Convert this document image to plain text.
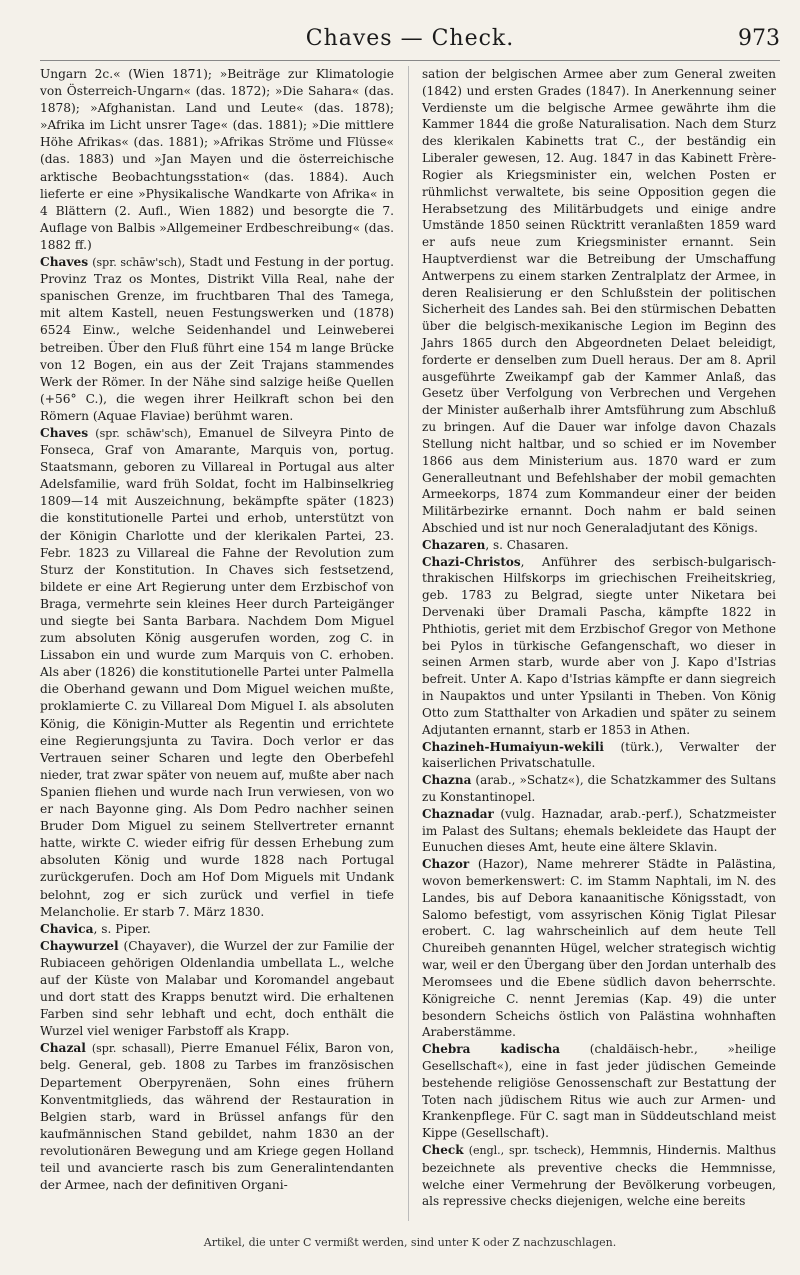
Chaves — Check.	973

Ungarn 2c.« (Wien 1871); »Beiträge zur Klimatologie von Österreich-Ungarn« (das. 1872); »Die Sahara« (das. 1878); »Afghanistan. Land und Leute« (das. 1878); »Afrika im Licht unsrer Tage« (das. 1881); »Die mittlere Höhe Afrikas« (das. 1881); »Afrikas Ströme und Flüsse« (das. 1883) und »Jan Mayen und die österreichische arktische Beobachtungsstation« (das. 1884). Auch lieferte er eine »Physikalische Wandkarte von Afrika« in 4 Blättern (2. Aufl., Wien 1882) und besorgte die 7. Auflage von Balbis »Allgemeiner Erdbeschreibung« (das. 1882 ff.)

Chaves (spr. schāw'sch), Stadt und Festung in der portug. Provinz Traz os Montes, Distrikt Villa Real, nahe der spanischen Grenze, im fruchtbaren Thal des Tamega, mit altem Kastell, neuen Festungswerken und (1878) 6524 Einw., welche Seidenhandel und Leinweberei betreiben. Über den Fluß führt eine 154 m lange Brücke von 12 Bogen, ein aus der Zeit Trajans stammendes Werk der Römer. In der Nähe sind salzige heiße Quellen (+56° C.), die wegen ihrer Heilkraft schon bei den Römern (Aquae Flaviae) berühmt waren.

Chaves (spr. schāw'sch), Emanuel de Silveyra Pinto de Fonseca, Graf von Amarante, Marquis von, portug. Staatsmann, geboren zu Villareal in Portugal aus alter Adelsfamilie, ward früh Soldat, focht im Halbinselkrieg 1809—14 mit Auszeichnung, bekämpfte später (1823) die konstitutionelle Partei und erhob, unterstützt von der Königin Charlotte und der klerikalen Partei, 23. Febr. 1823 zu Villareal die Fahne der Revolution zum Sturz der Konstitution. In Chaves sich festsetzend, bildete er eine Art Regierung unter dem Erzbischof von Braga, vermehrte sein kleines Heer durch Parteigänger und siegte bei Santa Barbara. Nachdem Dom Miguel zum absoluten König ausgerufen worden, zog C. in Lissabon ein und wurde zum Marquis von C. erhoben. Als aber (1826) die konstitutionelle Partei unter Palmella die Oberhand gewann und Dom Miguel weichen mußte, proklamierte C. zu Villareal Dom Miguel I. als absoluten König, die Königin-Mutter als Regentin und errichtete eine Regierungsjunta zu Tavira. Doch verlor er das Vertrauen seiner Scharen und legte den Oberbefehl nieder, trat zwar später von neuem auf, mußte aber nach Spanien fliehen und wurde nach Irun verwiesen, von wo er nach Bayonne ging. Als Dom Pedro nachher seinen Bruder Dom Miguel zu seinem Stellvertreter ernannt hatte, wirkte C. wieder eifrig für dessen Erhebung zum absoluten König und wurde 1828 nach Portugal zurückgerufen. Doch am Hof Dom Miguels mit Undank belohnt, zog er sich zurück und verfiel in tiefe Melancholie. Er starb 7. März 1830.

Chavica, s. Piper.

Chaywurzel (Chayaver), die Wurzel der zur Familie der Rubiaceen gehörigen Oldenlandia umbellata L., welche auf der Küste von Malabar und Koromandel angebaut und dort statt des Krapps benutzt wird. Die erhaltenen Farben sind sehr lebhaft und echt, doch enthält die Wurzel viel weniger Farbstoff als Krapp.

Chazal (spr. schasall), Pierre Emanuel Félix, Baron von, belg. General, geb. 1808 zu Tarbes im französischen Departement Oberpyrenäen, Sohn eines frühern Konventmitglieds, das während der Restauration in Belgien starb, ward in Brüssel anfangs für den kaufmännischen Stand gebildet, nahm 1830 an der revolutionären Bewegung und am Kriege gegen Holland teil und avancierte rasch bis zum Generalintendanten der Armee, nach der definitiven Organi-

sation der belgischen Armee aber zum General zweiten (1842) und ersten Grades (1847). In Anerkennung seiner Verdienste um die belgische Armee gewährte ihm die Kammer 1844 die große Naturalisation. Nach dem Sturz des klerikalen Kabinetts trat C., der beständig ein Liberaler gewesen, 12. Aug. 1847 in das Kabinett Frère-Rogier als Kriegsminister ein, welchen Posten er rühmlichst verwaltete, bis seine Opposition gegen die Herabsetzung des Militärbudgets und einige andre Umstände 1850 seinen Rücktritt veranlaßten 1859 ward er aufs neue zum Kriegsminister ernannt. Sein Hauptverdienst war die Betreibung der Umschaffung Antwerpens zu einem starken Zentralplatz der Armee, in deren Realisierung er den Schlußstein der politischen Sicherheit des Landes sah. Bei den stürmischen Debatten über die belgisch-mexikanische Legion im Beginn des Jahrs 1865 durch den Abgeordneten Delaet beleidigt, forderte er denselben zum Duell heraus. Der am 8. April ausgeführte Zweikampf gab der Kammer Anlaß, das Gesetz über Verfolgung von Verbrechen und Vergehen der Minister außerhalb ihrer Amtsführung zum Abschluß zu bringen. Auf die Dauer war infolge davon Chazals Stellung nicht haltbar, und so schied er im November 1866 aus dem Ministerium aus. 1870 ward er zum Generalleutnant und Befehlshaber der mobil gemachten Armeekorps, 1874 zum Kommandeur einer der beiden Militärbezirke ernannt. Doch nahm er bald seinen Abschied und ist nur noch Generaladjutant des Königs.

Chazaren, s. Chasaren.

Chazi-Christos, Anführer des serbisch-bulgarisch-thrakischen Hilfskorps im griechischen Freiheitskrieg, geb. 1783 zu Belgrad, siegte unter Niketara bei Dervenaki über Dramali Pascha, kämpfte 1822 in Phthiotis, geriet mit dem Erzbischof Gregor von Methone bei Pylos in türkische Gefangenschaft, wo dieser in seinen Armen starb, wurde aber von J. Kapo d'Istrias befreit. Unter A. Kapo d'Istrias kämpfte er dann siegreich in Naupaktos und unter Ypsilanti in Theben. Von König Otto zum Statthalter von Arkadien und später zu seinem Adjutanten ernannt, starb er 1853 in Athen.

Chazineh-Humaiyun-wekili (türk.), Verwalter der kaiserlichen Privatschatulle.

Chazna (arab., »Schatz«), die Schatzkammer des Sultans zu Konstantinopel.

Chaznadar (vulg. Haznadar, arab.-perf.), Schatzmeister im Palast des Sultans; ehemals bekleidete das Haupt der Eunuchen dieses Amt, heute eine ältere Sklavin.

Chazor (Hazor), Name mehrerer Städte in Palästina, wovon bemerkenswert: C. im Stamm Naphtali, im N. des Landes, bis auf Debora kanaanitische Königsstadt, von Salomo befestigt, vom assyrischen König Tiglat Pilesar erobert. C. lag wahrscheinlich auf dem heute Tell Chureibeh genannten Hügel, welcher strategisch wichtig war, weil er den Übergang über den Jordan unterhalb des Meromsees und die Ebene südlich davon beherrschte. Königreiche C. nennt Jeremias (Kap. 49) die unter besondern Scheichs östlich von Palästina wohnhaften Araberstämme.

Chebra kadischa (chaldäisch-hebr., »heilige Gesellschaft«), eine in fast jeder jüdischen Gemeinde bestehende religiöse Genossenschaft zur Bestattung der Toten nach jüdischem Ritus wie auch zur Armen- und Krankenpflege. Für C. sagt man in Süddeutschland meist Kippe (Gesellschaft).

Check (engl., spr. tscheck), Hemmnis, Hindernis. Malthus bezeichnete als preventive checks die Hemmnisse, welche einer Vermehrung der Bevölkerung vorbeugen, als repressive checks diejenigen, welche eine bereits

Artikel, die unter C vermißt werden, sind unter K oder Z nachzuschlagen.
